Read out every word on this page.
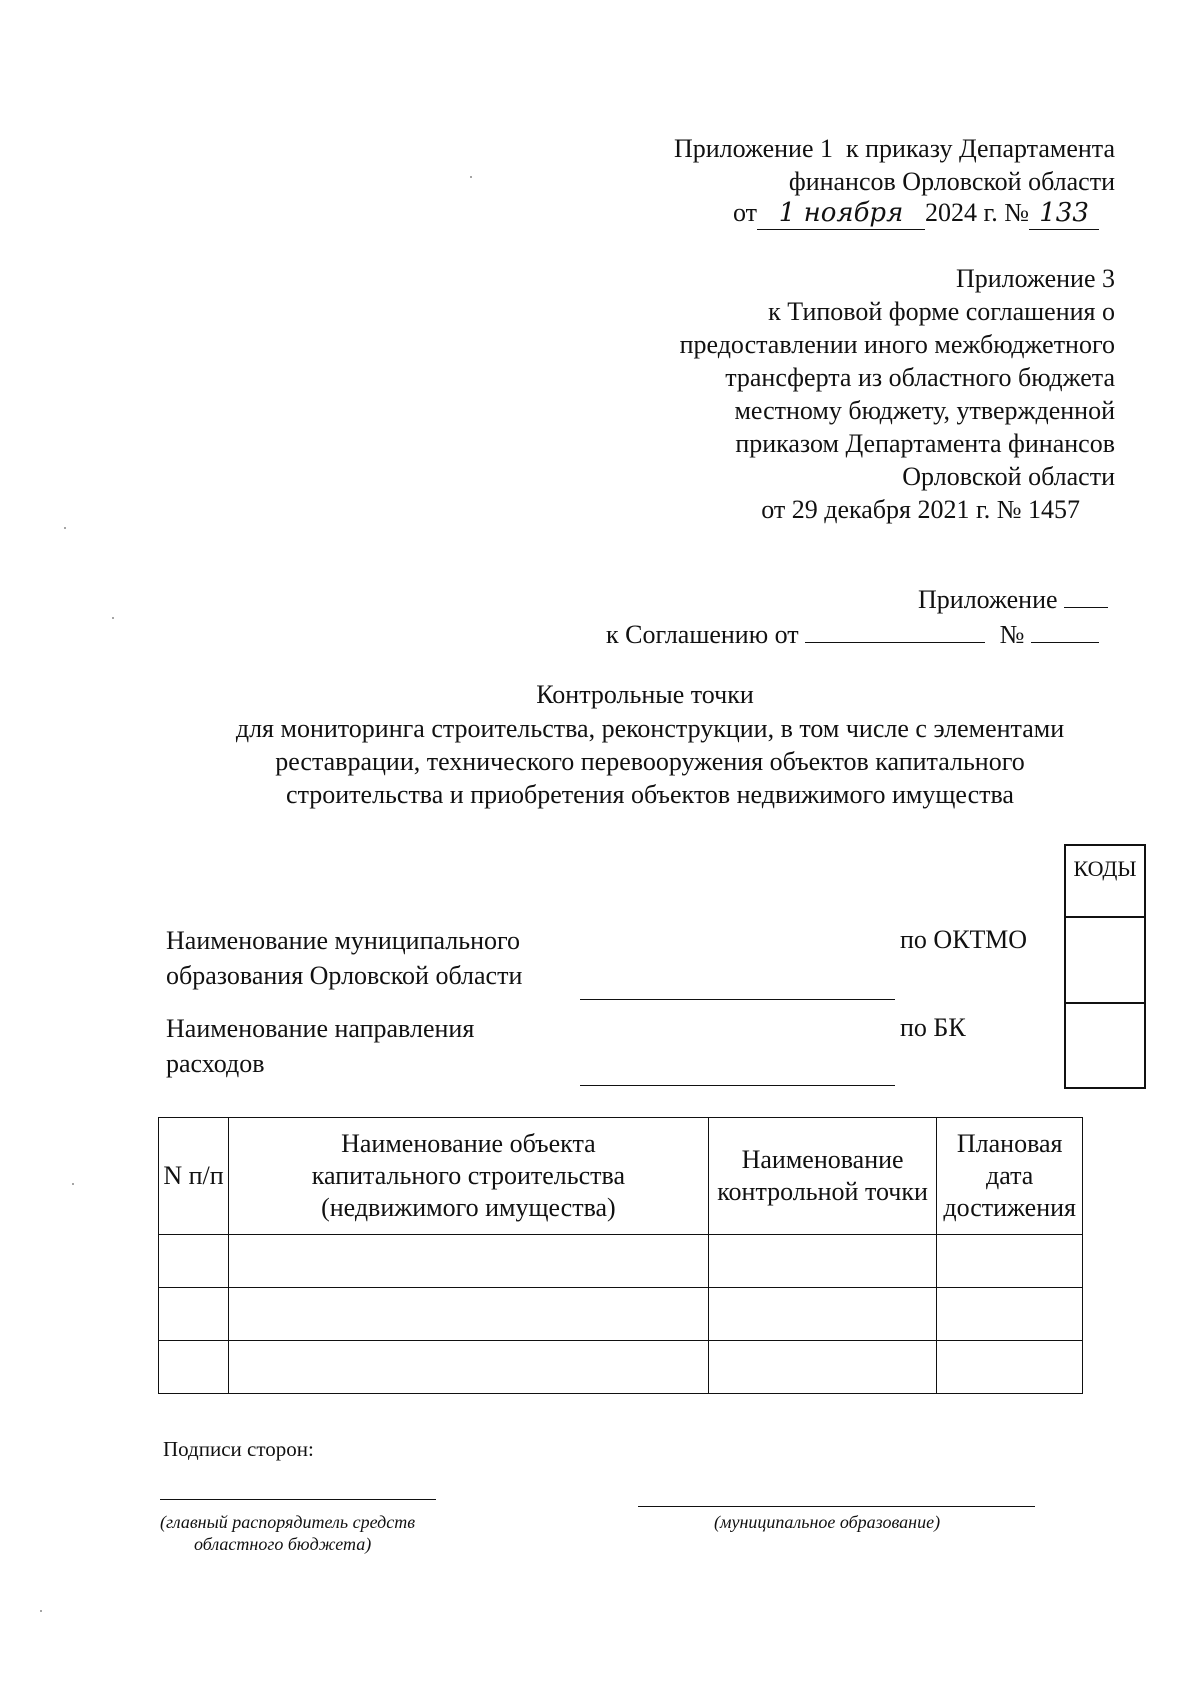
Приложение 1  к приказу Департамента
финансов Орловской области
от 1 ноября 2024 г. № 133
Приложение 3
к Типовой форме соглашения о
предоставлении иного межбюджетного
трансферта из областного бюджета
местному бюджету, утвержденной
приказом Департамента финансов
Орловской области
от 29 декабря 2021 г. № 1457
Приложение
к Соглашению от	№
Контрольные точки
для мониторинга строительства, реконструкции, в том числе с элементами
реставрации, технического перевооружения объектов капитального
строительства и приобретения объектов недвижимого имущества
КОДЫ
Наименование муниципального
образования Орловской области
по ОКТМО
Наименование направления
расходов
по БК
N п/п	Наименование объекта капитального строительства (недвижимого имущества)	Наименование контрольной точки	Плановая дата достижения

Подписи сторон:
(главный распорядитель средств
областного бюджета)
(муниципальное образование)
